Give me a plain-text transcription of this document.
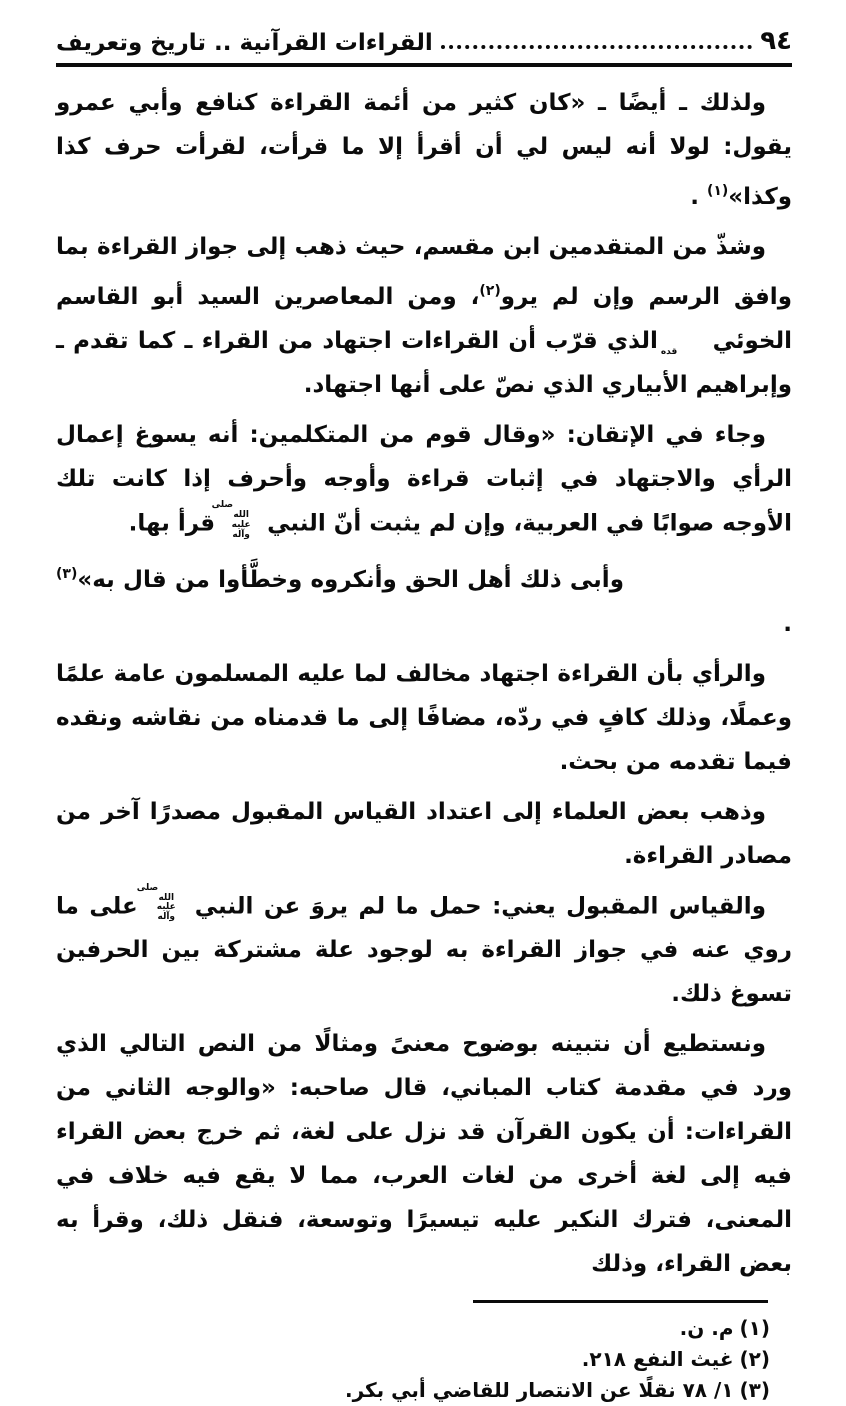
٩٤
القراءات القرآنية .. تاريخ وتعريف

ولذلك ـ أيضًا ـ «كان كثير من أئمة القراءة كنافع وأبي عمرو يقول: لولا أنه ليس لي أن أقرأ إلا ما قرأت، لقرأت حرف كذا وكذا»$^{(١)}$ .

وشذّ من المتقدمين ابن مقسم، حيث ذهب إلى جواز القراءة بما وافق الرسم وإن لم يرو$^{(٢)}$، ومن المعاصرين السيد أبو القاسم الخوئي قده الذي قرّب أن القراءات اجتهاد من القراء ـ كما تقدم ـ وإبراهيم الأبياري الذي نصّ على أنها اجتهاد.

وجاء في الإتقان: «وقال قوم من المتكلمين: أنه يسوغ إعمال الرأي والاجتهاد في إثبات قراءة وأوجه وأحرف إذا كانت تلك الأوجه صوابًا في العربية، وإن لم يثبت أنّ النبي صلى الله عليه وآله قرأ بها.

وأبى ذلك أهل الحق وأنكروه وخطَّأوا من قال به»$^{(٣)}$ .

والرأي بأن القراءة اجتهاد مخالف لما عليه المسلمون عامة علمًا وعملًا، وذلك كافٍ في ردّه، مضافًا إلى ما قدمناه من نقاشه ونقده فيما تقدمه من بحث.

وذهب بعض العلماء إلى اعتداد القياس المقبول مصدرًا آخر من مصادر القراءة.

والقياس المقبول يعني: حمل ما لم يروَ عن النبي صلى الله عليه وآله على ما روي عنه في جواز القراءة به لوجود علة مشتركة بين الحرفين تسوغ ذلك.

ونستطيع أن نتبينه بوضوح معنىً ومثالًا من النص التالي الذي ورد في مقدمة كتاب المباني، قال صاحبه: «والوجه الثاني من القراءات: أن يكون القرآن قد نزل على لغة، ثم خرج بعض القراء فيه إلى لغة أخرى من لغات العرب، مما لا يقع فيه خلاف في المعنى، فترك النكير عليه تيسيرًا وتوسعة، فنقل ذلك، وقرأ به بعض القراء، وذلك

(١)م. ن.
(٢)غيث النفع ٢١٨.
(٣)١/ ٧٨ نقلًا عن الانتصار للقاضي أبي بكر.
